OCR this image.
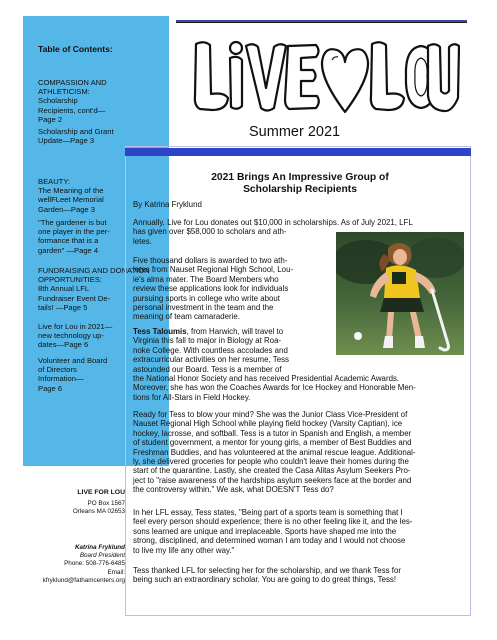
Table of Contents:
COMPASSION AND ATHLETICISM:
Scholarship
Recipients, cont'd—
Page 2
Scholarship and Grant
Update—Page 3
BEAUTY:
The Meaning of the
wellFLeet Memorial
Garden—Page 3
"The gardener is but
one player in the per-
formance that is a
garden" —Page 4
FUNDRAISING AND DONATION OPPORTUNITIES:
8th Annual LFL
Fundraiser Event De-
tails! —Page 5
Live for Lou in 2021—
new technology up-
dates—Page 6
Volunteer and Board
of Directors
Information—
Page 6
LIVE FOR LOU
PO Box 1567
Orleans MA 02653
Katrina Fryklund
Board President
Phone: 508-776-6485
Email:
kfryklund@fathamcenters.org
Summer 2021
2021 Brings An Impressive Group of
Scholarship Recipients
By Katrina Fryklund
Annually, Live for Lou donates out $10,000 in scholarships. As of July 2021, LFL
has given over $58,000 to scholars and ath-
letes.
Five thousand dollars is awarded to two ath-
letes from Nauset Regional High School, Lou-
ie's alma mater. The Board Members who
review these applications look for individuals
pursuing sports in college who write about
personal investment in the team and the
meaning of team camaraderie.
Tess Taloumis, from Harwich, will travel to
Virginia this fall to major in Biology at Roa-
noke College. With countless accolades and
extracurricular activities on her resume, Tess
astounded our Board. Tess is a member of
the National Honor Society and has received Presidential Academic Awards.
Moreover, she has won the Coaches Awards for Ice Hockey and Honorable Men-
tions for All-Stars in Field Hockey.
Ready for Tess to blow your mind? She was the Junior Class Vice-President of
Nauset Regional High School while playing field hockey (Varsity Captian), ice
hockey, lacrosse, and softball. Tess is a tutor in Spanish and English, a member
of student government, a mentor for young girls, a member of Best Buddies and
Freshman Buddies, and has volunteered at the animal rescue league. Additional-
ly, she delivered groceries for people who couldn't leave their homes during the
start of the quarantine. Lastly, she created the Casa Alitas Asylum Seekers Pro-
ject to "raise awareness of the hardships asylum seekers face at the border and
the controversy within." We ask, what DOESN'T Tess do?
In her LFL essay, Tess states, "Being part of a sports team is something that I
feel every person should experience; there is no other feeling like it, and the les-
sons learned are unique and irreplaceable. Sports have shaped me into the
strong, disciplined, and determined woman I am today and I would not choose
to live my life any other way."
Tess thanked LFL for selecting her for the scholarship, and we thank Tess for
being such an extraordinary scholar. You are going to do great things, Tess!
